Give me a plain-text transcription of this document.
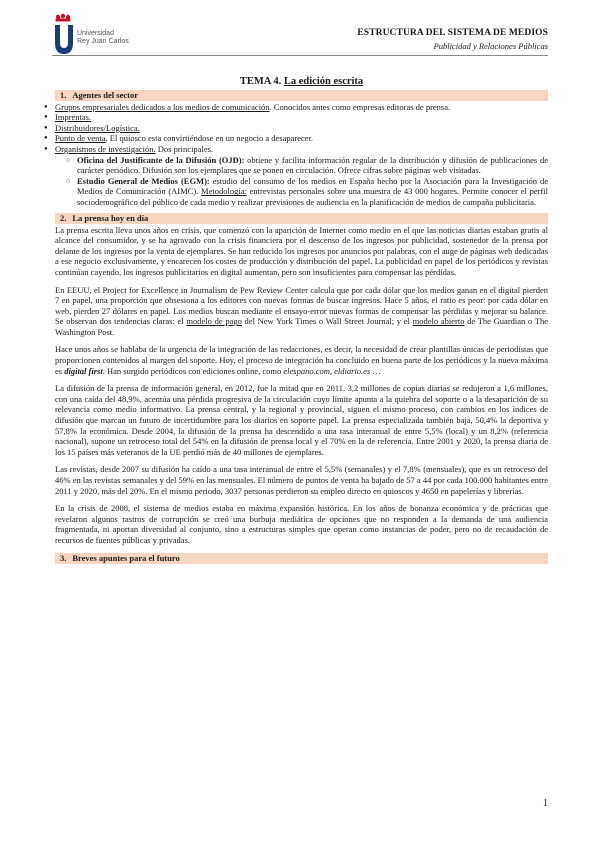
Universidad
Rey Juan Carlos
ESTRUCTURA DEL SISTEMA DE MEDIOS
Publicidad y Relaciones Públicas
TEMA 4. La edición escrita
1. Agentes del sector
● Grupos empresariales dedicados a los medios de comunicación. Conocidos antes como empresas editoras de prensa.
● Imprentas.
● Distribuidores/Logística.
● Punto de venta. El quiosco esta convirtiéndose en un negocio a desaparecer.
● Organismos de investigación. Dos principales.
○ Oficina del Justificante de la Difusión (OJD): obtiene y facilita información regular de la distribución y difusión de publicaciones de carácter periódico. Difusión son los ejemplares que se ponen en circulación. Ofrece cifras sobre páginas web visitadas.
○ Estudio General de Medios (EGM): estudio del consumo de los medios en España hecho por la Asociación para la Investigación de Medios de Comunicación (AIMC). Metodología: entrevistas personales sobre una muestra de 43 000 hogares. Permite conocer el perfil sociodemográfico del público de cada medio y realizar previsiones de audiencia en la planificación de medios de campaña publicitaria.
2. La prensa hoy en día

La prensa escrita lleva unos años en crisis, que comenzó con la aparición de Internet como medio en el que las noticias diarias estaban gratis al alcance del consumidor, y se ha agravado con la crisis financiera por el descenso de los ingresos por publicidad, sostenedor de la prensa por delante de los ingresos por la venta de ejemplares. Se han reducido los ingresos por anuncios por palabras, con el auge de páginas web dedicadas a ese negocio exclusivamente, y encarecen los costes de producción y distribución del papel. La publicidad en papel de los periódicos y revistas continúan cayendo, los ingresos publicitarios en digital aumentan, pero son insuficientes para compensar las pérdidas.

En EEUU, el Project for Excellence in Journalism de Pew Review Center calcula que por cada dólar que los medios ganan en el digital pierden 7 en papel, una proporción que obsesiona a los editores con nuevas formas de buscar ingresos. Hace 5 años, el ratio es peor: por cada dólar en web, pierden 27 dólares en papel. Los medios buscan mediante el ensayo-error nuevas formas de compensar las pérdidas y mejorar su balance. Se observan dos tendencias claras: el modelo de pago del New York Times o Wall Street Journal; y el modelo abierto de The Guardian o The Washington Post.

Hace unos años se hablaba de la urgencia de la integración de las redacciones, es decir, la necesidad de crear plantillas únicas de periodistas que proporcionen contenidos al margen del soporte. Hoy, el proceso de integración ha concluido en buena parte de los periódicos y la nueva máxima es digital first. Han surgido periódicos con ediciones online, como elespano.com, eldiario.es …

La difusión de la prensa de información general, en 2012, fue la mitad que en 2011. 3,2 millones de copias diarias se redujeron a 1,6 millones, con una caída del 48,9%, acentúa una pérdida progresiva de la circulación cuyo límite apunta a la quiebra del soporte o a la desaparición de su relevancia como medio informativo. La prensa central, y la regional y provincial, siguen el mismo proceso, con cambios en los índices de difusión que marcan un futuro de incertidumbre para los diarios en soporte papel. La prensa especializada también baja, 50,4% la deportiva y 57,8% la económica. Desde 2004, la difusión de la prensa ha descendido a una tasa interanual de entre 5,5% (local) y un 8,2% (referencia nacional), supone un retroceso total del 54% en la difusión de prensa local y el 70% en la de referencia. Entre 2001 y 2020, la prensa diaria de los 15 países más veteranos de la UE perdió más de 40 millones de ejemplares.

Las revistas, desde 2007 su difusión ha caído a una tasa interanual de entre el 5,5% (semanales) y el 7,8% (mensuales), que es un retroceso del 46% en las revistas semanales y del 59% en las mensuales. El número de puntos de venta ha bajado de 57 a 44 por cada 100.000 habitantes entre 2011 y 2020, más del 20%. En el mismo periodo, 3037 personas perdieron su empleo directo en quioscos y 4650 en papelerías y librerías.

En la crisis de 2008, el sistema de medios estaba en máxima expansión histórica. En los años de bonanza económica y de prácticas que revelaron algunos rastros de corrupción se creó una burbuja mediática de opciones que no responden a la demanda de una audiencia fragmentada, ni aportan diversidad al conjunto, sino a estructuras simples que operan como instancias de poder, pero no de recaudación de recursos de fuentes públicas y privadas.

3. Breves apuntes para el futuro
1
